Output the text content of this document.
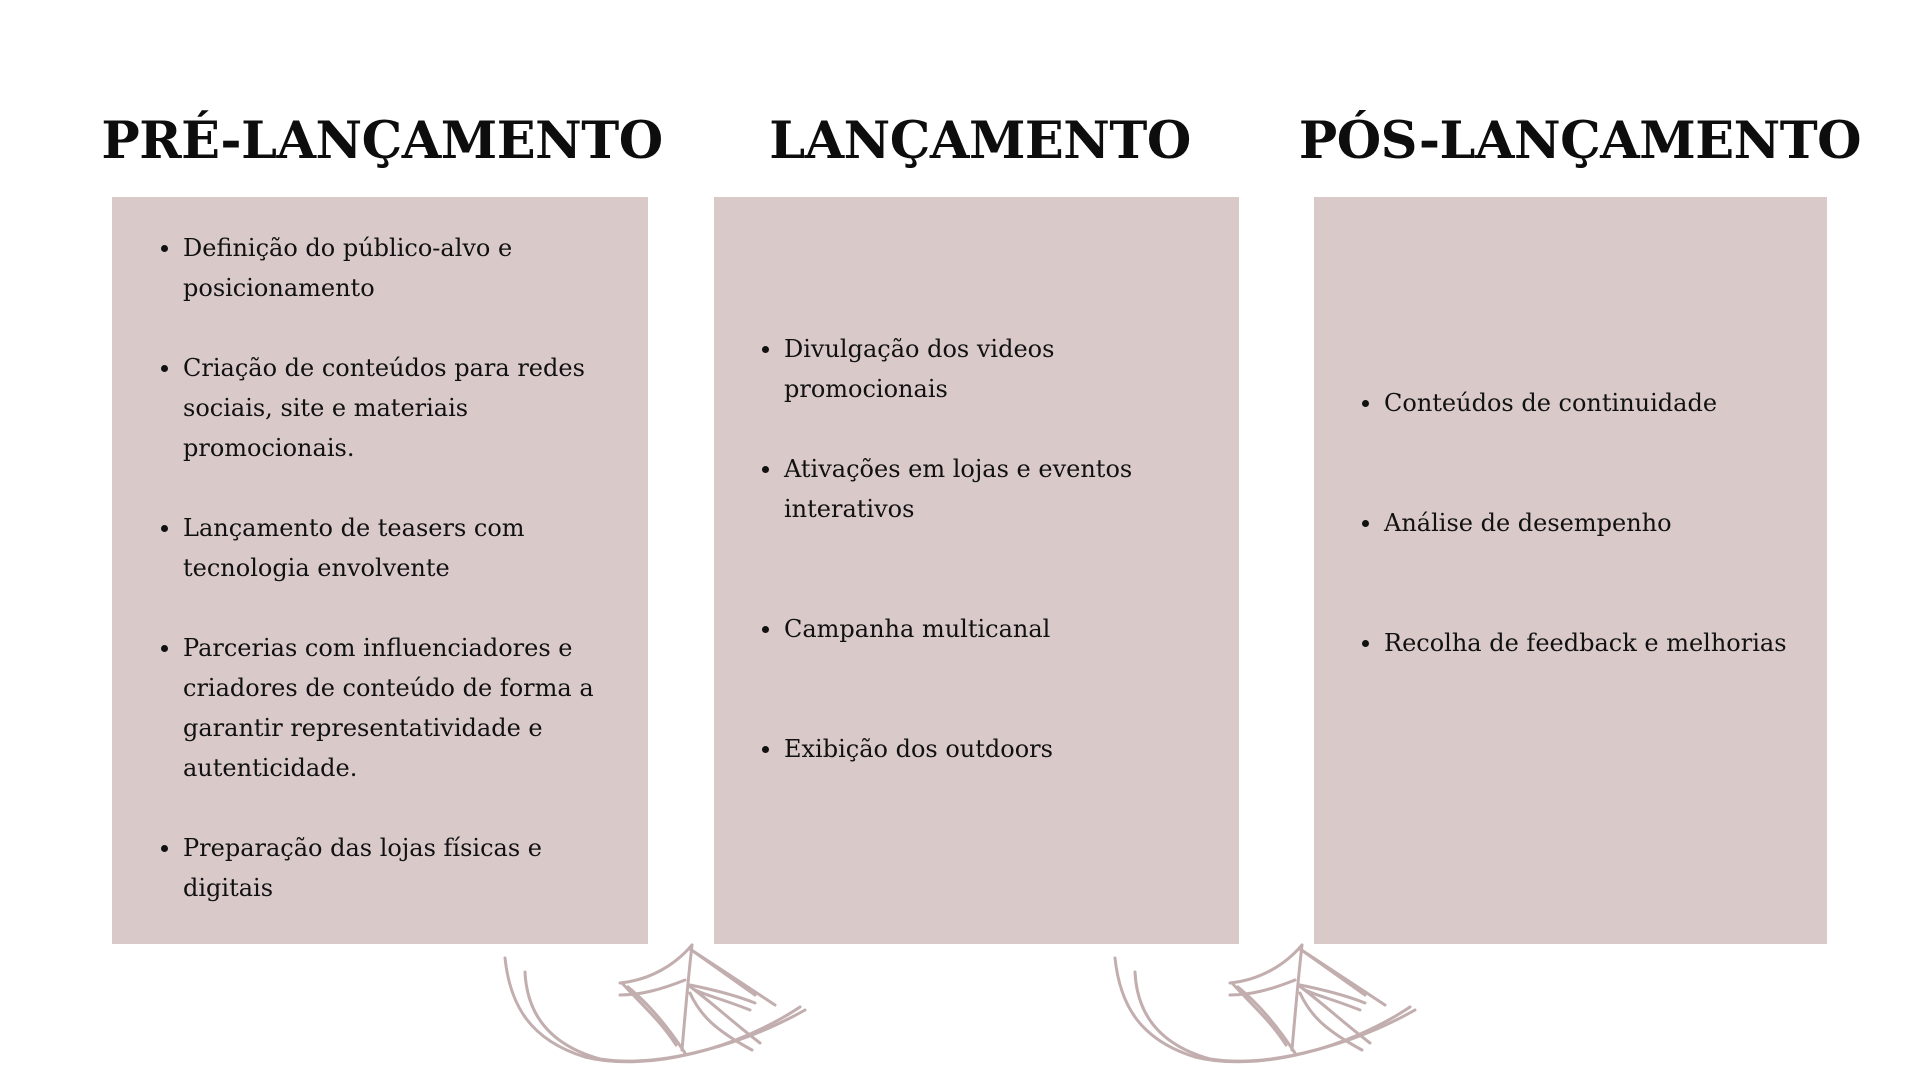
PRÉ-LANÇAMENTO	LANÇAMENTO	PÓS-LANÇAMENTO
Definição do público-alvo e posicionamento
Criação de conteúdos para redes sociais, site e materiais promocionais.
Lançamento de teasers com tecnologia envolvente
Parcerias com influenciadores e criadores de conteúdo de forma a garantir representatividade e autenticidade.
Preparação das lojas físicas e digitais
Divulgação dos videos promocionais
Ativações em lojas e eventos interativos
Campanha multicanal
Exibição dos outdoors
Conteúdos de continuidade
Análise de desempenho
Recolha de feedback e melhorias
